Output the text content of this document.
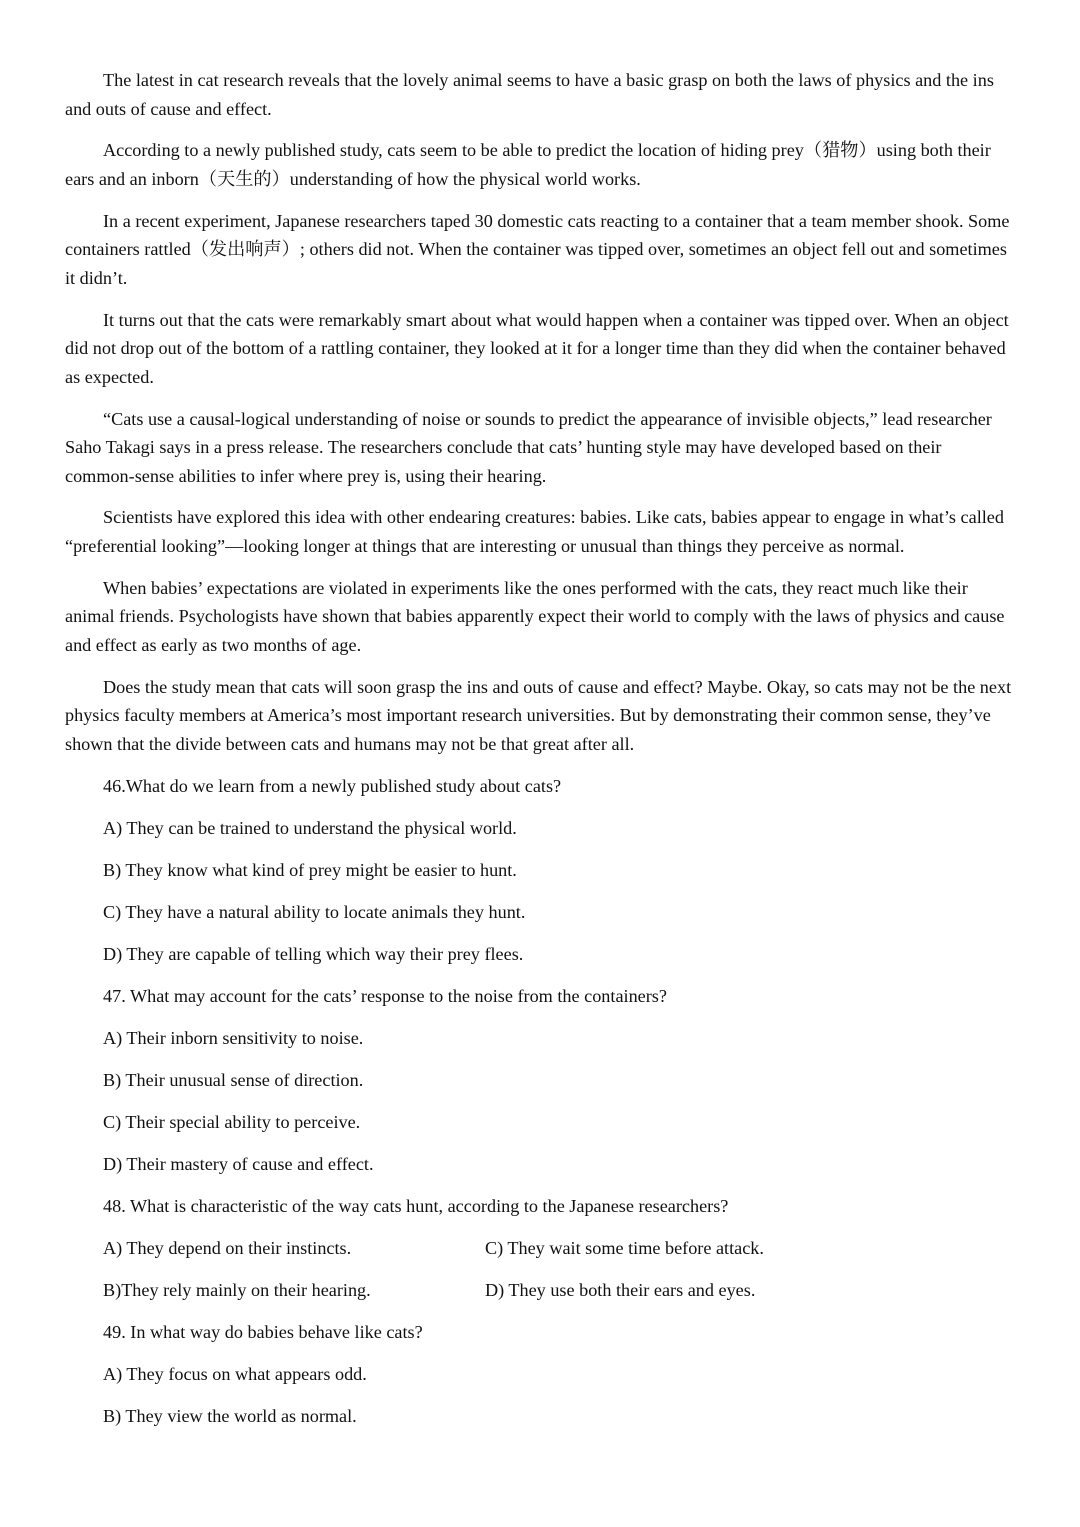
The latest in cat research reveals that the lovely animal seems to have a basic grasp on both the laws of physics and the ins and outs of cause and effect.

According to a newly published study, cats seem to be able to predict the location of hiding prey（猎物）using both their ears and an inborn（天生的）understanding of how the physical world works.

In a recent experiment, Japanese researchers taped 30 domestic cats reacting to a container that a team member shook. Some containers rattled（发出响声）; others did not. When the container was tipped over, sometimes an object fell out and sometimes it didn’t.

It turns out that the cats were remarkably smart about what would happen when a container was tipped over. When an object did not drop out of the bottom of a rattling container, they looked at it for a longer time than they did when the container behaved as expected.

“Cats use a causal-logical understanding of noise or sounds to predict the appearance of invisible objects,” lead researcher Saho Takagi says in a press release. The researchers conclude that cats’ hunting style may have developed based on their common-sense abilities to infer where prey is, using their hearing.

Scientists have explored this idea with other endearing creatures: babies. Like cats, babies appear to engage in what’s called “preferential looking”—looking longer at things that are interesting or unusual than things they perceive as normal.

When babies’ expectations are violated in experiments like the ones performed with the cats, they react much like their animal friends. Psychologists have shown that babies apparently expect their world to comply with the laws of physics and cause and effect as early as two months of age.

Does the study mean that cats will soon grasp the ins and outs of cause and effect? Maybe. Okay, so cats may not be the next physics faculty members at America’s most important research universities. But by demonstrating their common sense, they’ve shown that the divide between cats and humans may not be that great after all.

46.What do we learn from a newly published study about cats?

A) They can be trained to understand the physical world.

B) They know what kind of prey might be easier to hunt.

C) They have a natural ability to locate animals they hunt.

D) They are capable of telling which way their prey flees.

47. What may account for the cats’ response to the noise from the containers?

A) Their inborn sensitivity to noise.

B) Their unusual sense of direction.

C) Their special ability to perceive.

D) Their mastery of cause and effect.

48. What is characteristic of the way cats hunt, according to the Japanese researchers?

A) They depend on their instincts.	C) They wait some time before attack.
B)They rely mainly on their hearing.	D) They use both their ears and eyes.

49. In what way do babies behave like cats?

A) They focus on what appears odd.

B) They view the world as normal.
